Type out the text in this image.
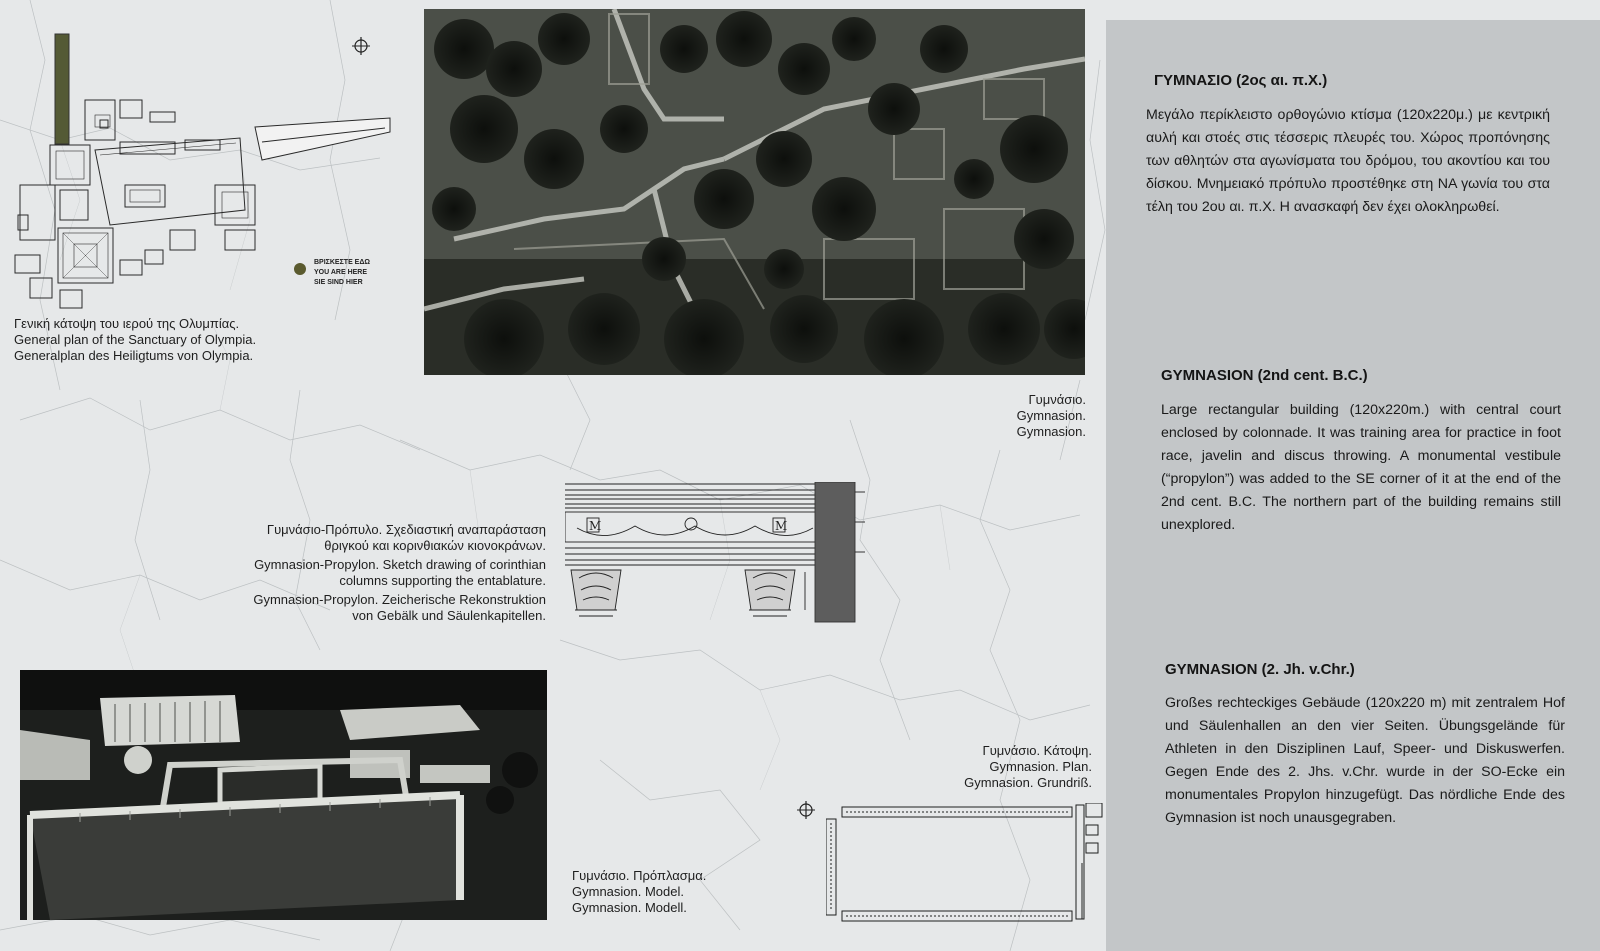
ΒΡΙΣΚΕΣΤΕ ΕΔΩ
YOU ARE HERE
SIE SIND HIER
Γενική κάτοψη του ιερού της Ολυμπίας.
General plan of the Sanctuary of Olympia.
Generalplan des Heiligtums von Olympia.
Γυμνάσιο.
Gymnasion.
Gymnasion.
Γυμνάσιο-Πρόπυλο. Σχεδιαστική αναπαράσταση
θριγκού και κορινθιακών κιονοκράνων.
Gymnasion-Propylon. Sketch drawing of corinthian
columns supporting the entablature.
Gymnasion-Propylon. Zeicherische Rekonstruktion
von Gebälk und Säulenkapitellen.
M	M
Γυμνάσιο. Πρόπλασμα.
Gymnasion. Model.
Gymnasion. Modell.
Γυμνάσιο. Κάτοψη.
Gymnasion. Plan.
Gymnasion. Grundriß.
ΓΥΜΝΑΣΙΟ (2ος αι. π.Χ.)
Μεγάλο περίκλειστο ορθογώνιο κτίσμα (120x220μ.) με κεντρική αυλή και στοές στις τέσσερις πλευρές του. Χώρος προπόνησης των αθλητών στα αγωνίσματα του δρόμου, του ακοντίου και του δίσκου. Μνημειακό πρόπυλο προστέθηκε στη ΝΑ γωνία του στα τέλη του 2ου αι. π.Χ. Η ανασκαφή δεν έχει ολοκληρωθεί.
GYMNASION (2nd cent. B.C.)
Large rectangular building (120x220m.) with central court enclosed by colonnade. It was training area for practice in foot race, javelin and discus throwing. A monumental vestibule (“propylon”) was added to the SE corner of it at the end of the 2nd cent. B.C. The northern part of the building remains still unexplored.
GYMNASION (2. Jh. v.Chr.)
Großes rechteckiges Gebäude (120x220 m) mit zentralem Hof und Säulenhallen an den vier Seiten. Übungsgelände für Athleten in den Disziplinen Lauf, Speer- und Diskuswerfen. Gegen Ende des 2. Jhs. v.Chr. wurde in der SO-Ecke ein monumentales Propylon hinzugefügt. Das nördliche Ende des Gymnasion ist noch unausgegraben.
